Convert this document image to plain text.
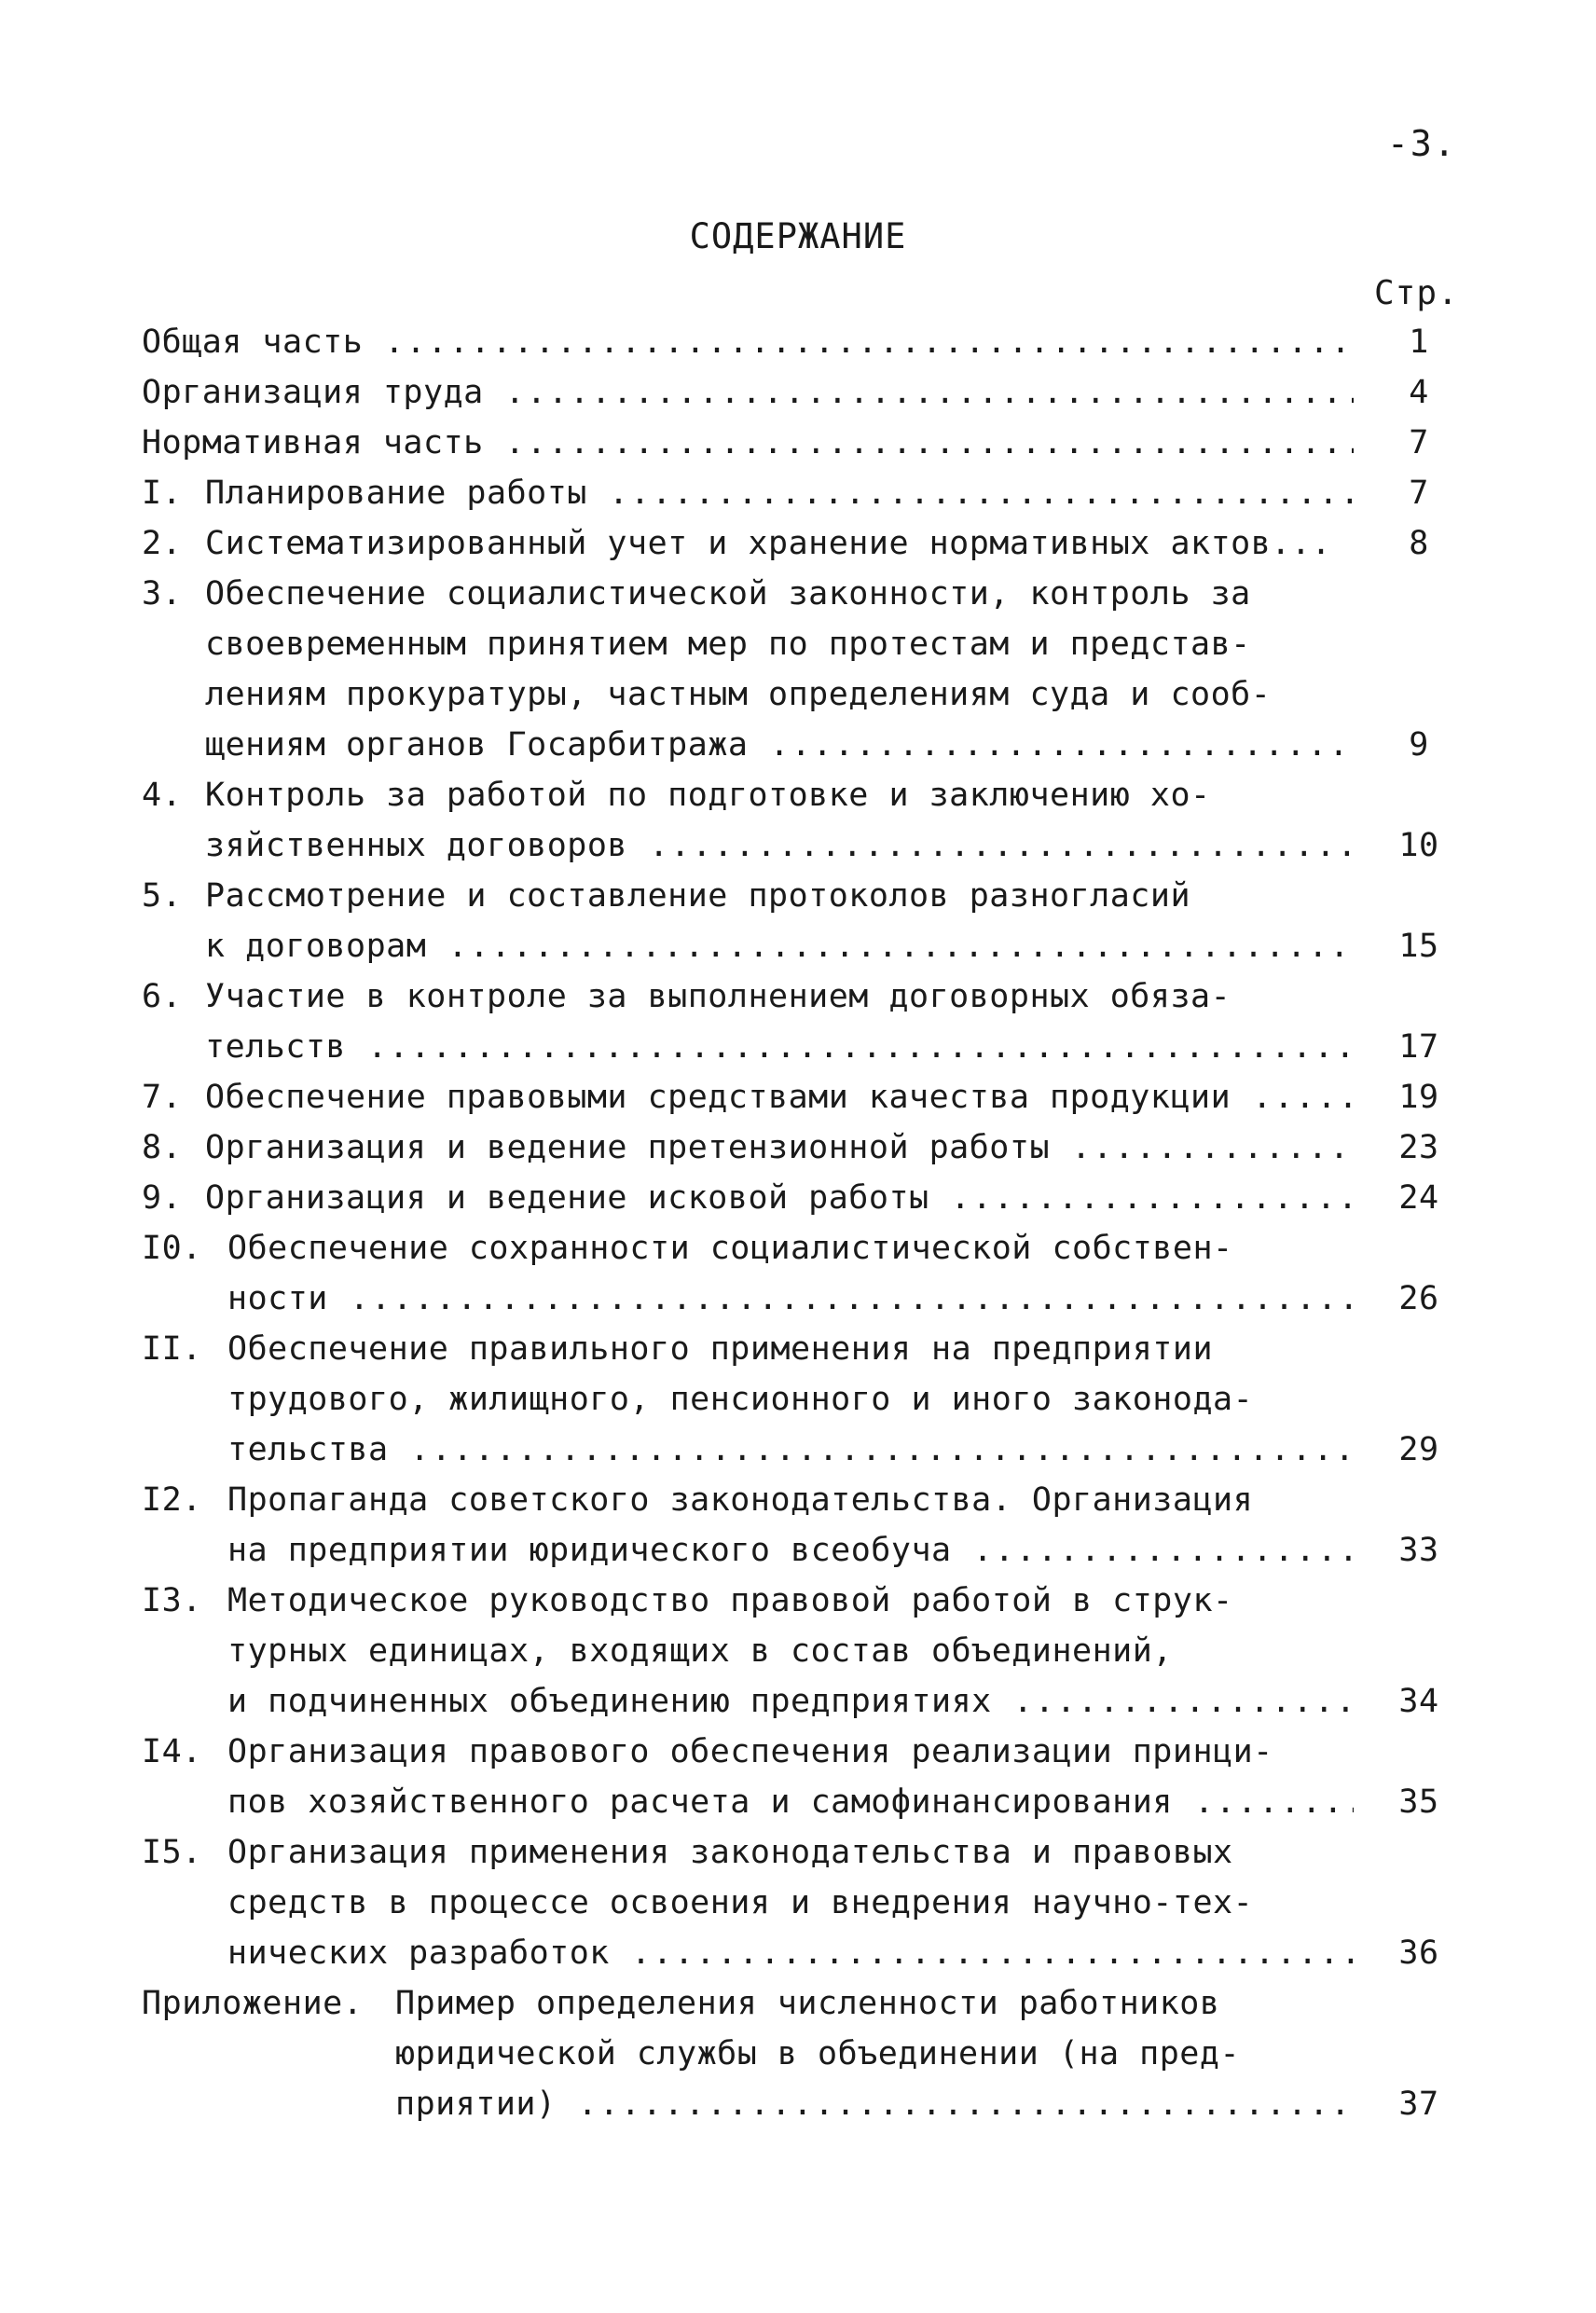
-3.
СОДЕРЖАНИЕ
Стр.
Общая часть .....	1
Организация труда .....	4
Нормативная часть .....	7
I. Планирование работы .....	7
2. Систематизированный учет и хранение нормативных актов... .....	8
3. Обеспечение социалистической законности, контроль за
своевременным принятием мер по протестам и представ-
лениям прокуратуры, частным определениям суда и сооб-
щениям органов Госарбитража .....	9
4. Контроль за работой по подготовке и заключению хо-
зяйственных договоров .....	10
5. Рассмотрение и составление протоколов разногласий
к договорам .....	15
6. Участие в контроле за выполнением договорных обяза-
тельств .....	17
7. Обеспечение правовыми средствами качества продукции .....	19
8. Организация и ведение претензионной работы .....	23
9. Организация и ведение исковой работы .....	24
I0. Обеспечение сохранности социалистической собствен-
ности .....	26
II. Обеспечение правильного применения на предприятии
трудового, жилищного, пенсионного и иного законода-
тельства .....	29
I2. Пропаганда советского законодательства. Организация
на предприятии юридического всеобуча .....	33
I3. Методическое руководство правовой работой в струк-
турных единицах, входящих в состав объединений,
и подчиненных объединению предприятиях .....	34
I4. Организация правового обеспечения реализации принци-
пов хозяйственного расчета и самофинансирования .....	35
I5. Организация применения законодательства и правовых
средств в процессе освоения и внедрения научно-тех-
нических разработок .....	36
Приложение. Пример определения численности работников
юридической службы в объединении (на пред-
приятии) .....	37
